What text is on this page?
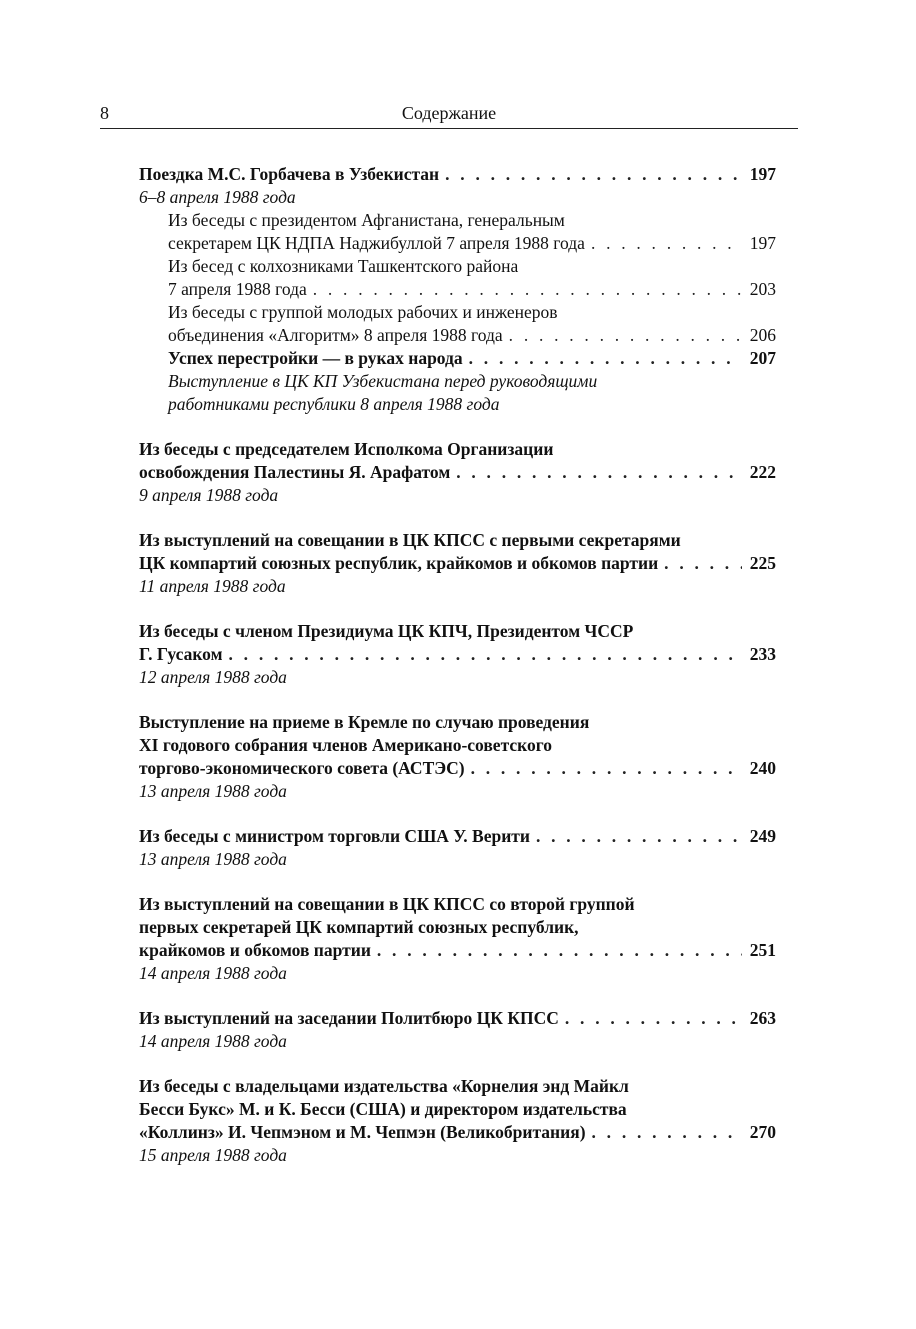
8	Содержание
Поездка М.С. Горбачева в Узбекистан . . .	197
6–8 апреля 1988 года
Из беседы с президентом Афганистана, генеральным
секретарем ЦК НДПА Наджибуллой 7 апреля 1988 года . . .	197
Из бесед с колхозниками Ташкентского района
7 апреля 1988 года . . .	203
Из беседы с группой молодых рабочих и инженеров
объединения «Алгоритм» 8 апреля 1988 года . . .	206
Успех перестройки — в руках народа . . .	207
Выступление в ЦК КП Узбекистана перед руководящими
работниками республики 8 апреля 1988 года
Из беседы с председателем Исполкома Организации
освобождения Палестины Я. Арафатом . . .	222
9 апреля 1988 года
Из выступлений на совещании в ЦК КПСС с первыми секретарями
ЦК компартий союзных республик, крайкомов и обкомов партии . . .	225
11 апреля 1988 года
Из беседы с членом Президиума ЦК КПЧ, Президентом ЧССР
Г. Гусаком . . .	233
12 апреля 1988 года
Выступление на приеме в Кремле по случаю проведения
XI годового собрания членов Американо-советского
торгово-экономического совета (АСТЭС) . . .	240
13 апреля 1988 года
Из беседы с министром торговли США У. Верити . . .	249
13 апреля 1988 года
Из выступлений на совещании в ЦК КПСС со второй группой
первых секретарей ЦК компартий союзных республик,
крайкомов и обкомов партии . . .	251
14 апреля 1988 года
Из выступлений на заседании Политбюро ЦК КПСС . . .	263
14 апреля 1988 года
Из беседы с владельцами издательства «Корнелия энд Майкл
Бесси Букс» М. и К. Бесси (США) и директором издательства
«Коллинз» И. Чепмэном и М. Чепмэн (Великобритания) . . .	270
15 апреля 1988 года
